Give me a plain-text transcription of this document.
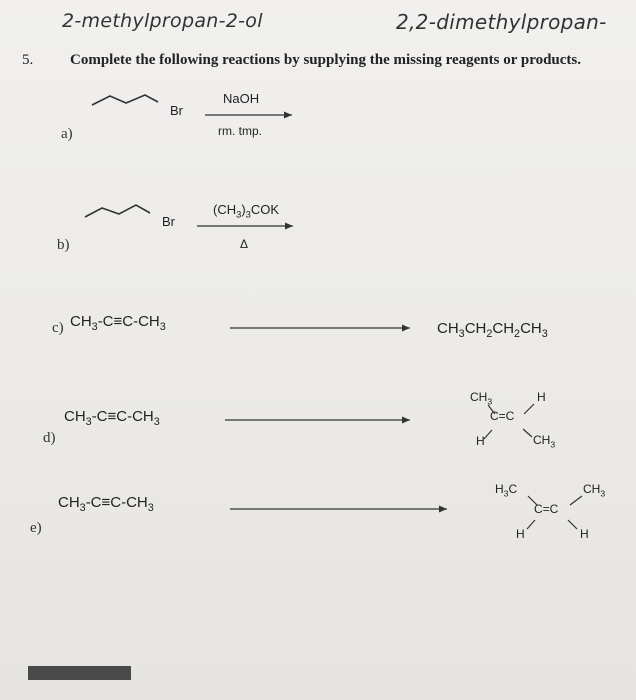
2-methylpropan-2-ol	2,2-dimethylpropan-
5. Complete the following reactions by supplying the missing reagents or products.
a)
Br
NaOH
rm. tmp.
b)
Br
$(CH_3)_3COK$
Δ
c) $CH_3-C\equiv C-CH_3$	$CH_3CH_2CH_2CH_3$
d)
$CH_3-C\equiv C-CH_3$
$CH_3$	H
C=C
H	$CH_3$
e)
$CH_3-C\equiv C-CH_3$
$H_3C$	$CH_3$
C=C
H	H
